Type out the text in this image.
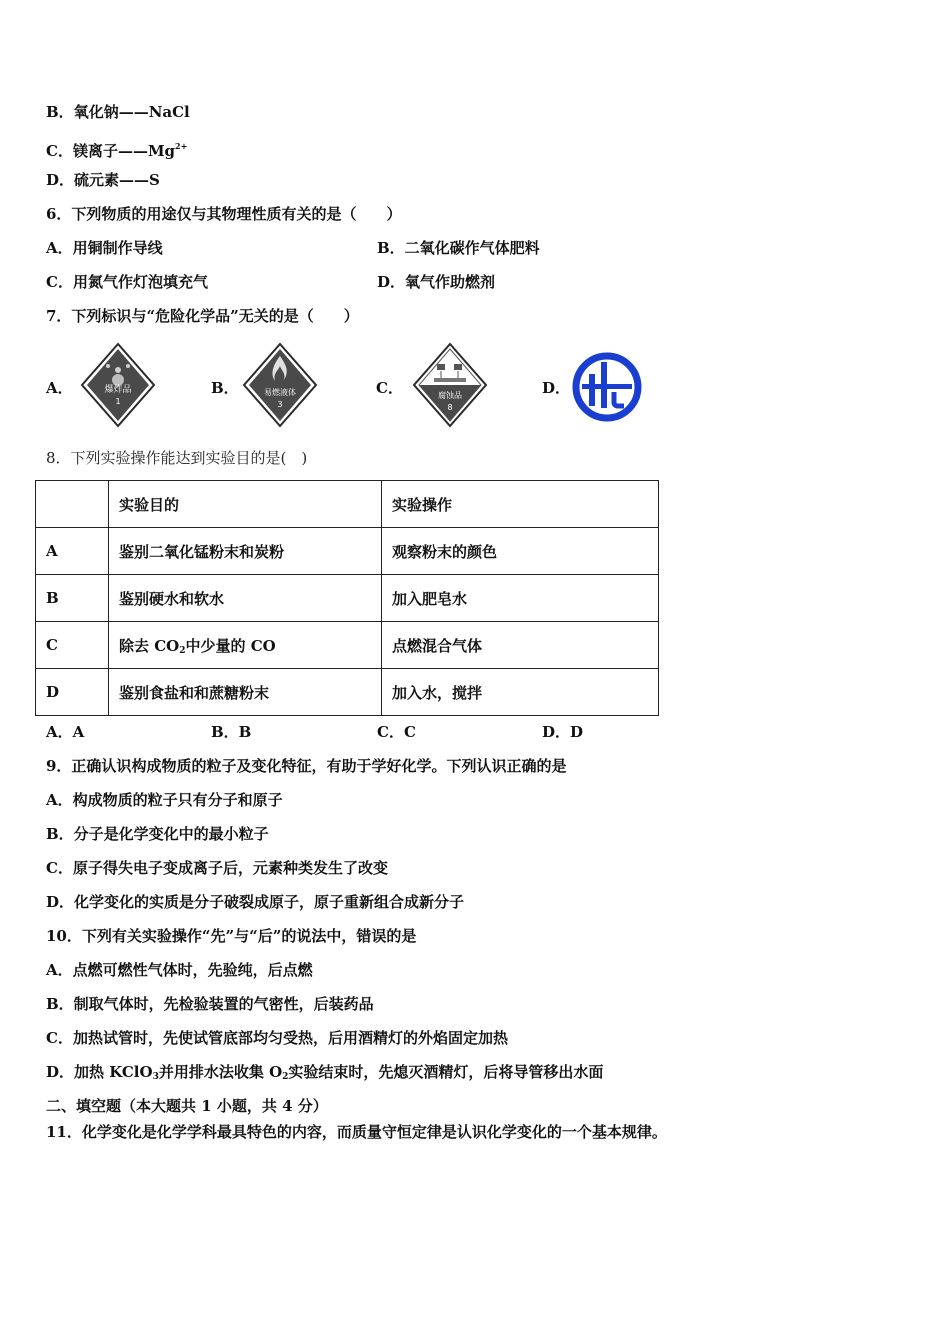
B．氧化钠——NaCl
C．镁离子$——Mg^{2+}$
D．硫元素——S
6．下列物质的用途仅与其物理性质有关的是（　　）
A．用铜制作导线	B．二氧化碳作气体肥料
C．用氮气作灯泡填充气	D．氧气作助燃剂
7．下列标识与“危险化学品”无关的是（　　）
A．	爆炸品
1
B．	易燃液体
3
C．	腐蚀品
8
D．
8．下列实验操作能达到实验目的是(　)
	实验目的	实验操作
A	鉴别二氧化锰粉末和炭粉	观察粉末的颜色
B	鉴别硬水和软水	加入肥皂水
C	除去 $CO_2$中少量的 CO	点燃混合气体
D	鉴别食盐和和蔗糖粉末	加入水，搅拌
A．A	B．B	C．C	D．D
9．正确认识构成物质的粒子及变化特征，有助于学好化学。下列认识正确的是
A．构成物质的粒子只有分子和原子
B．分子是化学变化中的最小粒子
C．原子得失电子变成离子后，元素种类发生了改变
D．化学变化的实质是分子破裂成原子，原子重新组合成新分子
10．下列有关实验操作“先”与“后”的说法中，错误的是
A．点燃可燃性气体时，先验纯，后点燃
B．制取气体时，先检验装置的气密性，后装药品
C．加热试管时，先使试管底部均匀受热，后用酒精灯的外焰固定加热
D．加热 KClO$_3$并用排水法收集 $O_2$实验结束时，先熄灭酒精灯，后将导管移出水面
二、填空题（本大题共 1 小题，共 4 分）
11．化学变化是化学学科最具特色的内容，而质量守恒定律是认识化学变化的一个基本规律。
